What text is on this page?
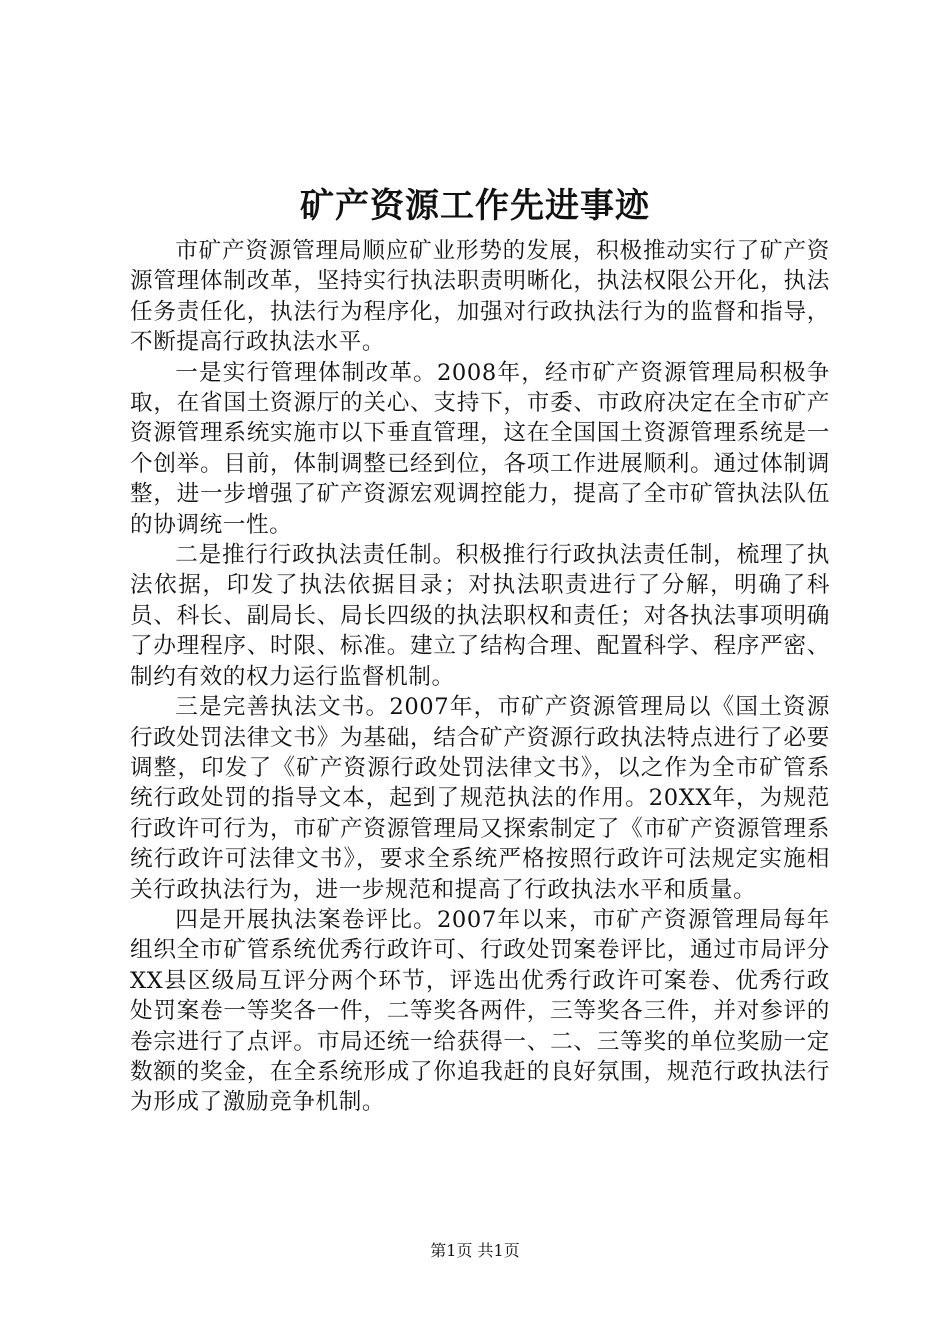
矿产资源工作先进事迹

市矿产资源管理局顺应矿业形势的发展，积极推动实行了矿产资源管理体制改革，坚持实行执法职责明晰化，执法权限公开化，执法任务责任化，执法行为程序化，加强对行政执法行为的监督和指导，不断提高行政执法水平。

一是实行管理体制改革。2008年，经市矿产资源管理局积极争取，在省国土资源厅的关心、支持下，市委、市政府决定在全市矿产资源管理系统实施市以下垂直管理，这在全国国土资源管理系统是一个创举。目前，体制调整已经到位，各项工作进展顺利。通过体制调整，进一步增强了矿产资源宏观调控能力，提高了全市矿管执法队伍的协调统一性。

二是推行行政执法责任制。积极推行行政执法责任制，梳理了执法依据，印发了执法依据目录；对执法职责进行了分解，明确了科员、科长、副局长、局长四级的执法职权和责任；对各执法事项明确了办理程序、时限、标准。建立了结构合理、配置科学、程序严密、制约有效的权力运行监督机制。

三是完善执法文书。2007年，市矿产资源管理局以《国土资源行政处罚法律文书》为基础，结合矿产资源行政执法特点进行了必要调整，印发了《矿产资源行政处罚法律文书》，以之作为全市矿管系统行政处罚的指导文本，起到了规范执法的作用。20XX年，为规范行政许可行为，市矿产资源管理局又探索制定了《市矿产资源管理系统行政许可法律文书》，要求全系统严格按照行政许可法规定实施相关行政执法行为，进一步规范和提高了行政执法水平和质量。

四是开展执法案卷评比。2007年以来，市矿产资源管理局每年组织全市矿管系统优秀行政许可、行政处罚案卷评比，通过市局评分XX县区级局互评分两个环节，评选出优秀行政许可案卷、优秀行政处罚案卷一等奖各一件，二等奖各两件，三等奖各三件，并对参评的卷宗进行了点评。市局还统一给获得一、二、三等奖的单位奖励一定数额的奖金，在全系统形成了你追我赶的良好氛围，规范行政执法行为形成了激励竞争机制。

第1页 共1页
